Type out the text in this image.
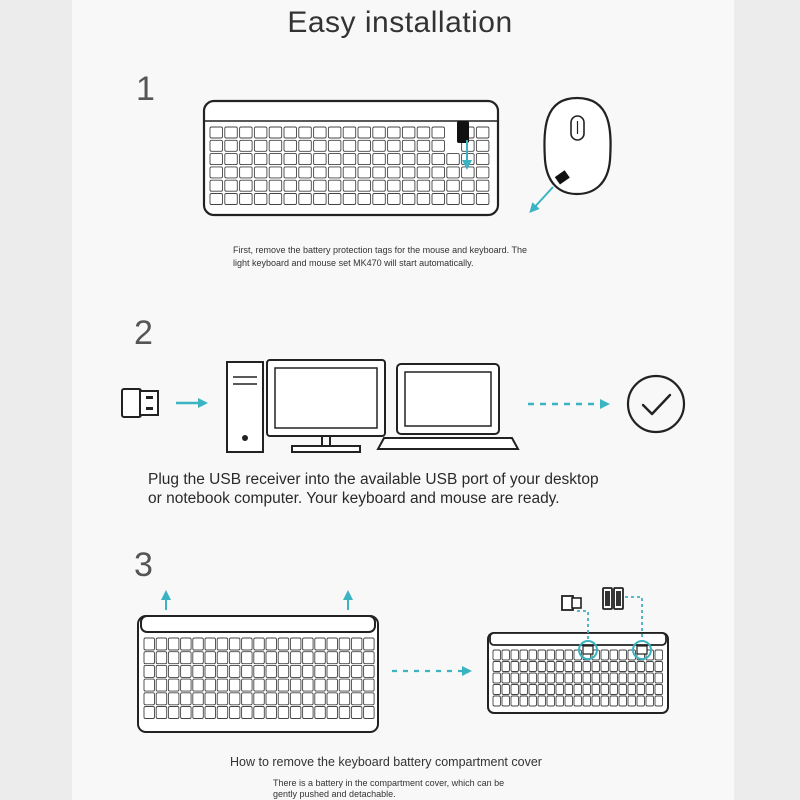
Easy installation
1
2
3
First, remove the battery protection tags for the mouse and keyboard. The
light keyboard and mouse set MK470 will start automatically.
Plug the USB receiver into the available USB port of your desktop
or notebook computer. Your keyboard and mouse are ready.
How to remove the keyboard battery compartment cover
There is a battery in the compartment cover, which can be
gently pushed and detachable.
